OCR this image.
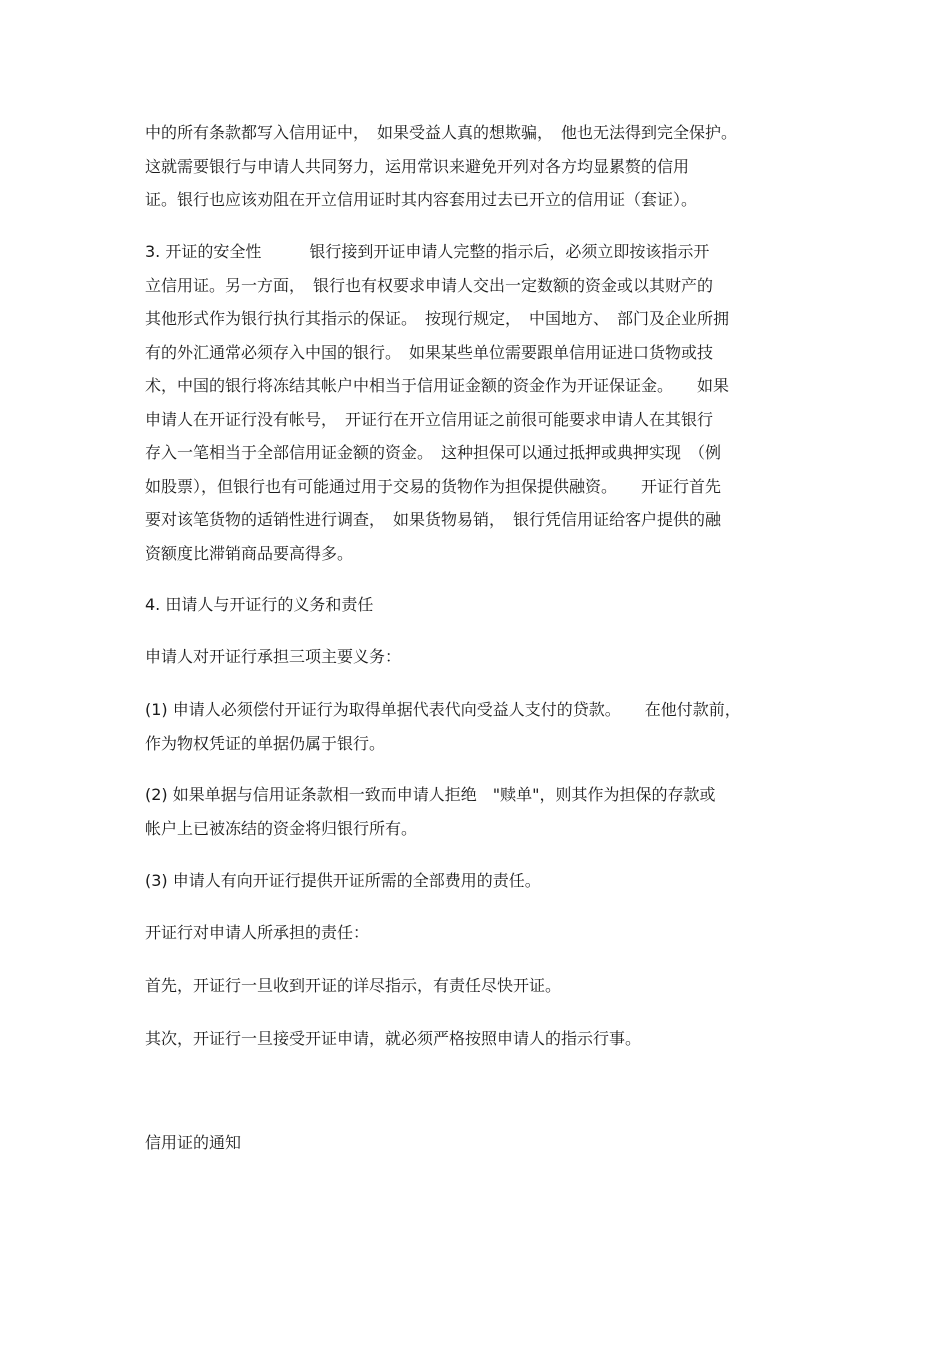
中的所有条款都写入信用证中，　如果受益人真的想欺骗，　他也无法得到完全保护。
这就需要银行与申请人共同努力，运用常识来避免开列对各方均显累赘的信用
证。银行也应该劝阻在开立信用证时其内容套用过去已开立的信用证（套证）。
3. 开证的安全性　　　银行接到开证申请人完整的指示后，必须立即按该指示开
立信用证。另一方面，　银行也有权要求申请人交出一定数额的资金或以其财产的
其他形式作为银行执行其指示的保证。　按现行规定，　中国地方、　部门及企业所拥
有的外汇通常必须存入中国的银行。　如果某些单位需要跟单信用证进口货物或技
术，中国的银行将冻结其帐户中相当于信用证金额的资金作为开证保证金。　　如果
申请人在开证行没有帐号，　开证行在开立信用证之前很可能要求申请人在其银行
存入一笔相当于全部信用证金额的资金。　这种担保可以通过抵押或典押实现　（例
如股票），但银行也有可能通过用于交易的货物作为担保提供融资。　　开证行首先
要对该笔货物的适销性进行调查，　如果货物易销，　银行凭信用证给客户提供的融
资额度比滞销商品要高得多。
4. 田请人与开证行的义务和责任
申请人对开证行承担三项主要义务：
(1) 申请人必须偿付开证行为取得单据代表代向受益人支付的贷款。　　在他付款前，
作为物权凭证的单据仍属于银行。
(2) 如果单据与信用证条款相一致而申请人拒绝　"赎单"，则其作为担保的存款或
帐户上已被冻结的资金将归银行所有。
(3) 申请人有向开证行提供开证所需的全部费用的责任。
开证行对申请人所承担的责任：
首先，开证行一旦收到开证的详尽指示，有责任尽快开证。
其次，开证行一旦接受开证申请，就必须严格按照申请人的指示行事。
信用证的通知
